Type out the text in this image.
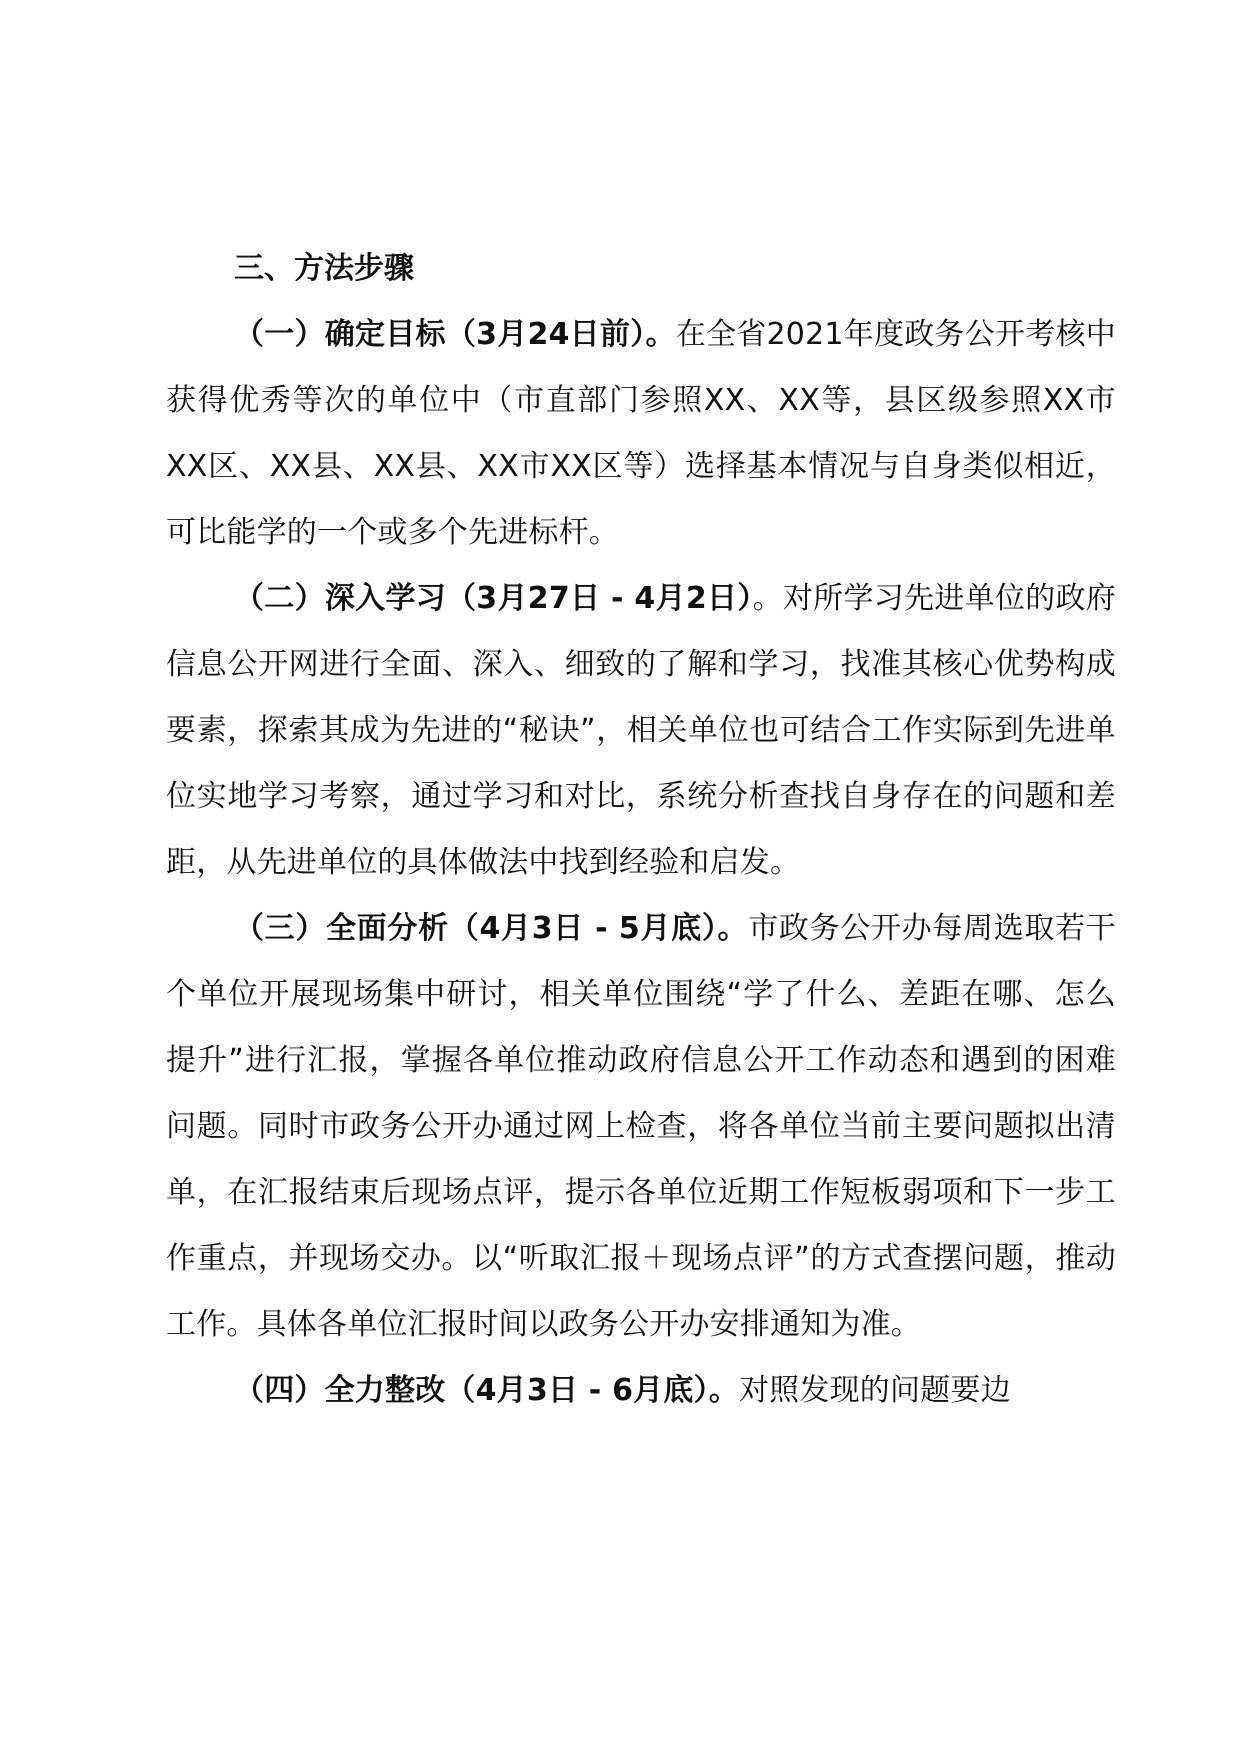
三、方法步骤

（一）确定目标（3月24日前）。在全省2021年度政务公开考核中获得优秀等次的单位中（市直部门参照XX、XX等，县区级参照XX市XX区、XX县、XX县、XX市XX区等）选择基本情况与自身类似相近，可比能学的一个或多个先进标杆。

（二）深入学习（3月27日 - 4月2日）。对所学习先进单位的政府信息公开网进行全面、深入、细致的了解和学习，找准其核心优势构成要素，探索其成为先进的“秘诀”，相关单位也可结合工作实际到先进单位实地学习考察，通过学习和对比，系统分析查找自身存在的问题和差距，从先进单位的具体做法中找到经验和启发。

（三）全面分析（4月3日 - 5月底）。市政务公开办每周选取若干个单位开展现场集中研讨，相关单位围绕“学了什么、差距在哪、怎么提升”进行汇报，掌握各单位推动政府信息公开工作动态和遇到的困难问题。同时市政务公开办通过网上检查，将各单位当前主要问题拟出清单，在汇报结束后现场点评，提示各单位近期工作短板弱项和下一步工作重点，并现场交办。以“听取汇报＋现场点评”的方式查摆问题，推动工作。具体各单位汇报时间以政务公开办安排通知为准。

（四）全力整改（4月3日 - 6月底）。对照发现的问题要边
